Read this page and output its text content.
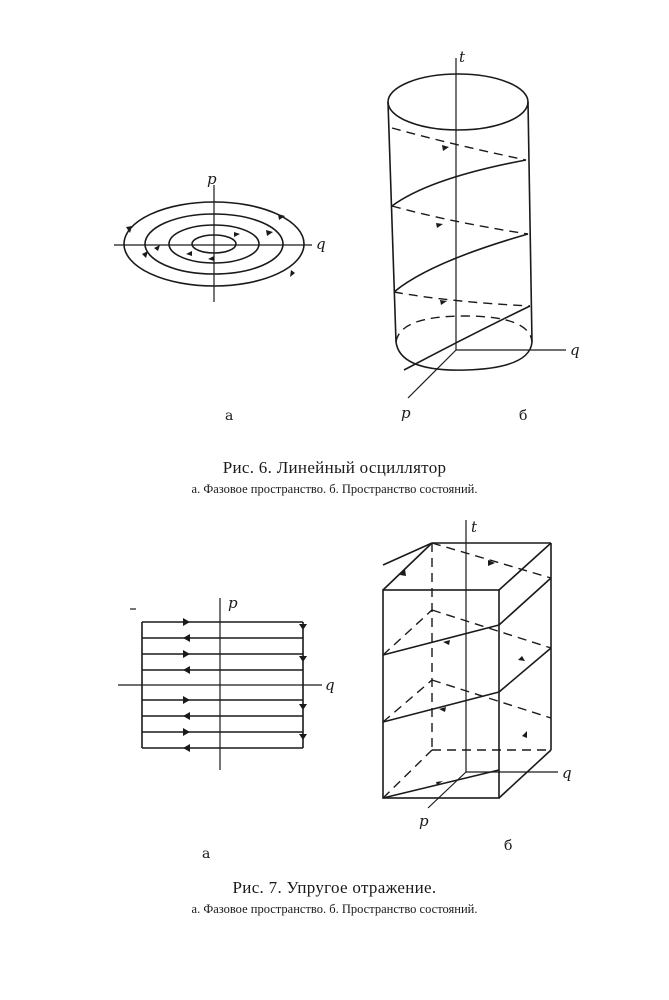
p
q
а
t
q
p	б
p
q
а
t
q
p
б
Рис. 6. Линейный осциллятор
а. Фазовое пространство. б. Пространство состояний.
Рис. 7. Упругое отражение.
а. Фазовое пространство. б. Пространство состояний.
